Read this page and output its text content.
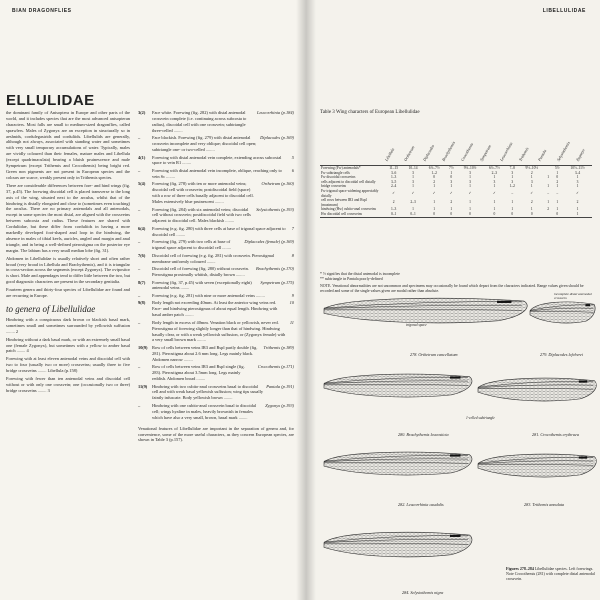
BIAN DRAGONFLIES
ELLULIDAE

the dominant family of Anisoptera in Europe and other parts of the world, and it includes species that are the most advanced anisopteran characters. Most falls are small to medium-sized dragonflies, called sprawlers. Males of Zygonyx are an exception in structurally so in aeshnids, cordulegastrids and corduliids. Libellulids are generally, although not always, associated with standing water and sometimes with very small temporary accumulations of water. Typically, males are vividly coloured than their females, mature males and Libellula (except quadrimaculata) bearing a bluish pruinescence and male Sympetrum (except Trithemis and Crocothemis) being bright red. Green non pigments are not present in European species and the colours are scarce, weakly present only in Trithemis species.

There are considerable differences between fore- and hind wings (fig. 37, p.45). The forewing discoidal cell is placed transverse to the long axis of the wing, situated next to the arculus, whilst that of the hindwing is distally elongated and close to (sometimes even touching) the arculus. There are no primary antenodals and all antenodals, except in some species the most distal, are aligned with the crossveins between subcosta and radius. These features are shared with Corduliidae, but these differ from corduliids in having a more markedly developed foot-shaped anal loop in the hindwing, the absence in males of tibial keels, auricles, angled anal margin and anal triangle, and in being a well-defined pterostigma on the posterior eye margin. The labium has a very small median lobe (fig. 31).

Abdomen in Libellulidae is usually relatively short and often rather broad (very broad in Libellula and Brachythemis), and it is triangular in cross-section across the segments (except Zygonyx). The ovipositor is short. Male and appendages tend to differ little between the two, but good diagnostic characters are present in the secondary genitalia.

Fourteen genera and thirty-four species of Libellulidae are found and are recurring in Europe.

to genera of Libellulidae

Hindwing with a conspicuous dark brown or blackish basal mark, sometimes small and sometimes surrounded by yellowish suffusion ........ 2

Hindwing without a dark basal mark, or with an extremely small basal one (female Zygonyx), but sometimes with a yellow to amber basal patch ........ 4

Forewing with at least eleven antenodal veins and discoidal cell with two to four (usually two or more) crossveins; usually three to five bridge crossveins ........ Libellula (p.158)

Forewing with fewer than ten antenodal veins and discoidal cell without or with only one crossvein; one (occasionally two or three) bridge crossveins ........ 3

3(2)	Face white. Forewing (fig. 282) with distal antenodal crossvein complete (i.e. continuing across subcosta to radius), discoidal cell with one crossvein; subtriangle three-celled ........
Leucorrhinia (p.184)
–	Face blackish. Forewing (fig. 279) with distal antenodal crossvein incomplete and very oblique; discoidal cell open; subtriangle one- or two-celled ........
Diplacodes (p.169)
4(1)	Forewing with distal antenodal vein complete, extending across subcostal space to vein R1 ........
5
–	Forewing with distal antenodal vein incomplete, oblique, reaching only to vein Sc ........
6
5(4)	Forewing (fig. 278) with ten or more antenodal veins; discoidal cell with crossvein; postdiscoidal field (space) with a row of three cells basally adjacent to discoidal cell. Males extensively blue pruinescent ........
Orthetrum (p.160)
–	Forewing (fig. 284) with six antenodal veins; discoidal cell without crossvein; postdiscoidal field with two cells adjacent to discoidal cell. Males blackish ........
Selysiothemis (p.193)
6(4)	Forewing (e.g. fig. 280) with three cells at base of trigonal space adjacent to discoidal cell ........
7
–	Forewing (fig. 279) with two cells at base of trigonal space adjacent to discoidal cell ........
Diplacodes (female) (p.169)
7(6)	Discoidal cell of forewing (e.g. fig. 281) with crossvein. Pterostigmal membrane uniformly coloured ........
8
–	Discoidal cell of forewing (fig. 280) without crossvein. Pterostigma proximally whitish, distally brown ........
Brachythemis (p.170)
8(7)	Forewing (fig. 37, p.45) with seven (exceptionally eight) antenodal veins ........
Sympetrum (p.175)
–	Forewing (e.g. fig. 281) with nine or more antenodal veins ........	9
9(8)	Body length not exceeding 40mm. At least the anterior wing veins red. Face- and hindwing pterostigmas of about equal length. Hindwing with basal amber patch ........
10
–	Body length in excess of 40mm. Venation black or yellowish, never red. Pterostigma of forewing slightly longer than that of hindwing. Hindwing basally clear, or with a weak yellowish suffusion, or (Zygonyx female) with a very small brown mark ........
11
10(9)	Row of cells between veins IR3 and Rspl partly double (fig. 281). Pterostigma about 2.6 mm long. Legs mainly black. Abdomen narrow ........
Trithemis (p.189)
–	Row of cells between veins IR3 and Rspl single (fig. 283). Pterostigma about 3.5mm long. Legs mainly reddish. Abdomen broad ........
Crocothemis (p.171)
11(9)	Hindwing with two cubito-anal crossveins basal to discoidal cell and with weak basal yellowish suffusion; wing tips usually faintly infuscate. Body yellowish brown ........
Pantala (p.191)
–	Hindwing with one cubito-anal crossvein basal to discoidal cell; wings hyaline in males, heavily brownish in females which have also a very small, brown, basal mark ........
Zygonyx (p.193)

Venational features of Libellulidae are important in the separation of genera and, for convenience, some of the more useful characters, as they concern European species, are shown in Table 3 (p.157).

LIBELLULIDAE
Table 3 Wing characters of European Libellulidae
Libellula Orthetrum Diplacodes Brachythemis Crocothemis Sympetrum Leucorrhinia Trithemis Pantala Selysiothemis Zygonyx
Forewing (Fw) antenodals*	11–15	10–14	6½–7½	7½	9½–10½	6½–7½	7–8	9½–10½		5½	10½–11½
Fw subtriangle cells	3–6	3	1–2	1	3	2–3	3	2		1	3–4
Fw discoidal crossveins	1–3	1	0	0	1	1	1	1	1	0	1
cells adjacent to discoidal cell distally	3–5	3	2	3	3	3	3	3		2	3
bridge crossveins	2–4	1	1	1	1	1	1–2	1	1	1	1
Fw trigonal space widening appreciably distally	✓	✓	✓	✓	✓	✓	–	✓	–	–	✓
cell rows between IR3 and Rspl (maximum)	2	2–3	1	2	1	1	1	2	1	1	2
hindwing (Hw) cubito-anal crossveins	1–3	1	1	1	1	1	1	1	2	1	1
Hw discoidal cell crossveins	0–1	0–1	0	0	0	0	0	0		0	1

* ½ signifies that the distal antenodal is incomplete
** subtriangle in Pantala poorly-defined
NOTE. Venational abnormalities are not uncommon and specimens may occasionally be found which depart from the characters indicated. Range values given should be recorded and some of the single values given are modal rather than absolute.
278. Orthetrum cancellatum	279. Diplacodes lefebvrei
280. Brachythemis leucosticta	281. Crocothemis erythraea
282. Leucorrhinia caudalis	283. Trithemis annulata
284. Selysiothemis nigra
trigonal space
incomplete distal antenodal crossvein
1-celled subtriangle
Figures 278–284 Libellulidae species. Left forewings. Note Crocothemis (281) with complete distal antenodal crossvein.
